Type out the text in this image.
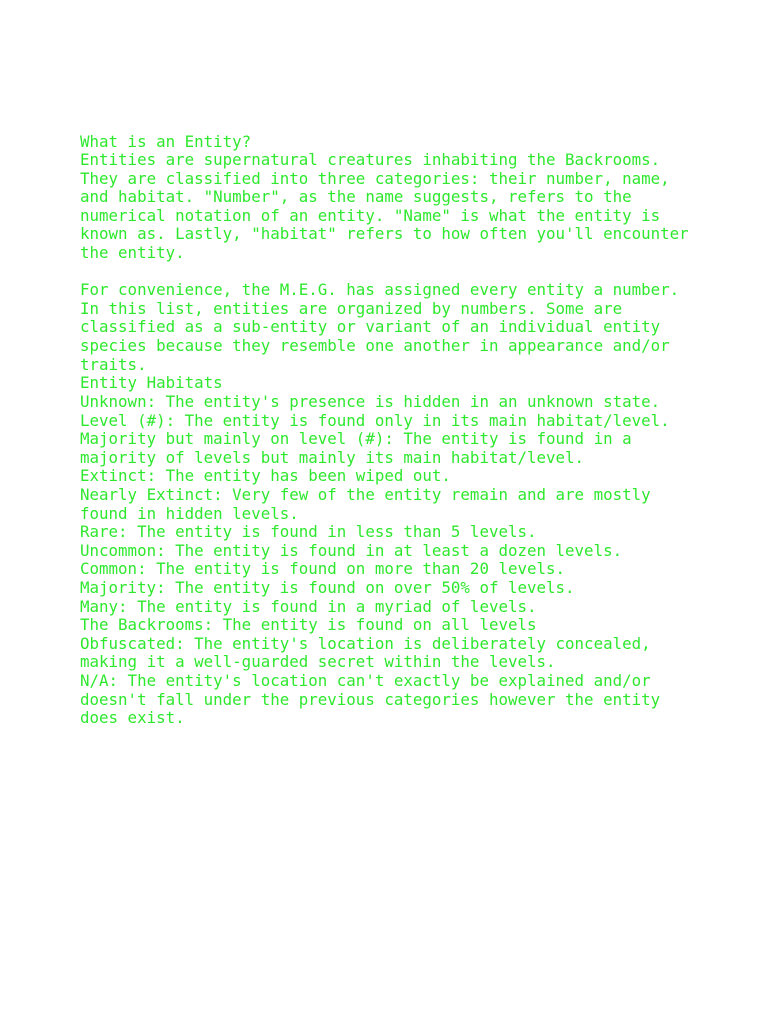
What is an Entity?

Entities are supernatural creatures inhabiting the Backrooms.
They are classified into three categories: their number, name,
and habitat. "Number", as the name suggests, refers to the
numerical notation of an entity. "Name" is what the entity is
known as. Lastly, "habitat" refers to how often you'll encounter
the entity.

For convenience, the M.E.G. has assigned every entity a number.
In this list, entities are organized by numbers. Some are
classified as a sub-entity or variant of an individual entity
species because they resemble one another in appearance and/or
traits.

Entity Habitats
Unknown: The entity's presence is hidden in an unknown state.
Level (#): The entity is found only in its main habitat/level.
Majority but mainly on level (#): The entity is found in a
majority of levels but mainly its main habitat/level.
Extinct: The entity has been wiped out.
Nearly Extinct: Very few of the entity remain and are mostly
found in hidden levels.
Rare: The entity is found in less than 5 levels.
Uncommon: The entity is found in at least a dozen levels.
Common: The entity is found on more than 20 levels.
Majority: The entity is found on over 50% of levels.
Many: The entity is found in a myriad of levels.
The Backrooms: The entity is found on all levels
Obfuscated: The entity's location is deliberately concealed,
making it a well-guarded secret within the levels.
N/A: The entity's location can't exactly be explained and/or
doesn't fall under the previous categories however the entity
does exist.
